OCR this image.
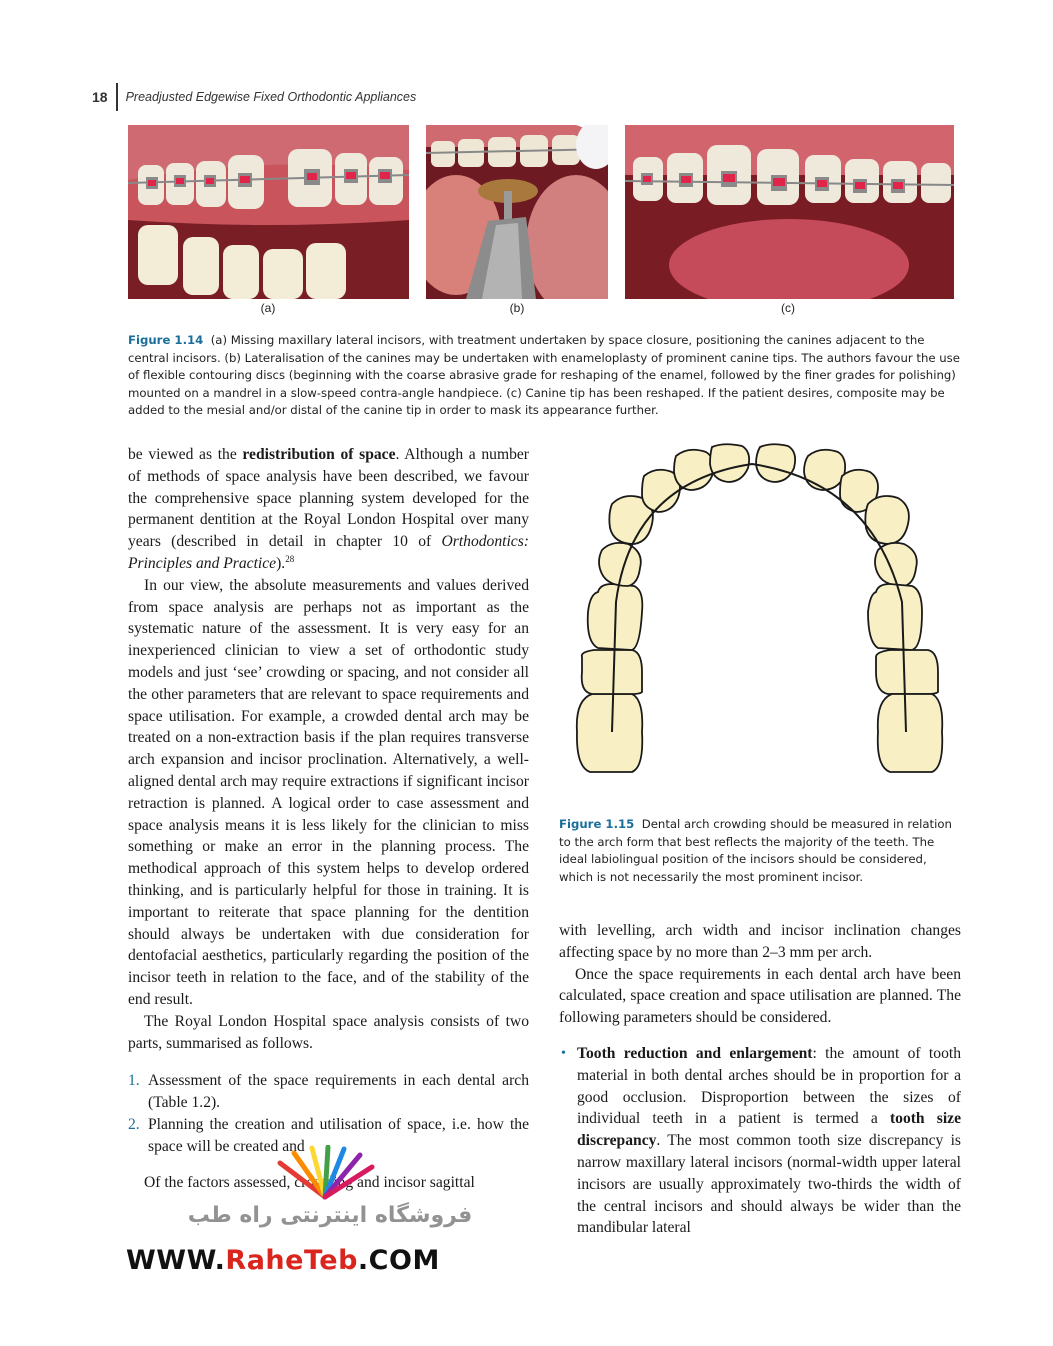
18 Preadjusted Edgewise Fixed Orthodontic Appliances
(a)	(b)	(c)
Figure 1.14 (a) Missing maxillary lateral incisors, with treatment undertaken by space closure, positioning the canines adjacent to the central incisors. (b) Lateralisation of the canines may be undertaken with enameloplasty of prominent canine tips. The authors favour the use of flexible contouring discs (beginning with the coarse abrasive grade for reshaping of the enamel, followed by the finer grades for polishing) mounted on a mandrel in a slow-speed contra-angle handpiece. (c) Canine tip has been reshaped. If the patient desires, composite may be added to the mesial and/or distal of the canine tip in order to mask its appearance further.

be viewed as the redistribution of space. Although a number of methods of space analysis have been described, we favour the comprehensive space planning system developed for the permanent dentition at the Royal London Hospital over many years (described in detail in chapter 10 of Orthodontics: Principles and Practice).$^{28}$

In our view, the absolute measurements and values derived from space analysis are perhaps not as important as the systematic nature of the assessment. It is very easy for an inexperienced clinician to view a set of orthodontic study models and just ‘see’ crowding or spacing, and not consider all the other parameters that are relevant to space requirements and space utilisation. For example, a crowded dental arch may be treated on a non-extraction basis if the plan requires transverse arch expansion and incisor proclination. Alternatively, a well-aligned dental arch may require extractions if significant incisor retraction is planned. A logical order to case assessment and space analysis means it is less likely for the clinician to miss something or make an error in the planning process. The methodical approach of this system helps to develop ordered thinking, and is particularly helpful for those in training. It is important to reiterate that space planning for the dentition should always be undertaken with due consideration for dentofacial aesthetics, particularly regarding the position of the incisor teeth in relation to the face, and of the stability of the end result.

The Royal London Hospital space analysis consists of two parts, summarised as follows.

1. Assessment of the space requirements in each dental arch (Table 1.2).
2. Planning the creation and utilisation of space, i.e. how the space will be created and

Of the factors assessed, crowding and incisor sagittal

Figure 1.15 Dental arch crowding should be measured in relation to the arch form that best reflects the majority of the teeth. The ideal labiolingual position of the incisors should be considered, which is not necessarily the most prominent incisor.

with levelling, arch width and incisor inclination changes affecting space by no more than 2–3 mm per arch.

Once the space requirements in each dental arch have been calculated, space creation and space utilisation are planned. The following parameters should be considered.

• Tooth reduction and enlargement: the amount of tooth material in both dental arches should be in proportion for a good occlusion. Disproportion between the sizes of individual teeth in a patient is termed a tooth size discrepancy. The most common tooth size discrepancy is narrow maxillary lateral incisors (normal-width upper lateral incisors are usually approximately two-thirds the width of the central incisors and should always be wider than the mandibular lateral
فروشگاه اینترنتی راه طب
WWW.RaheTeb.COM
